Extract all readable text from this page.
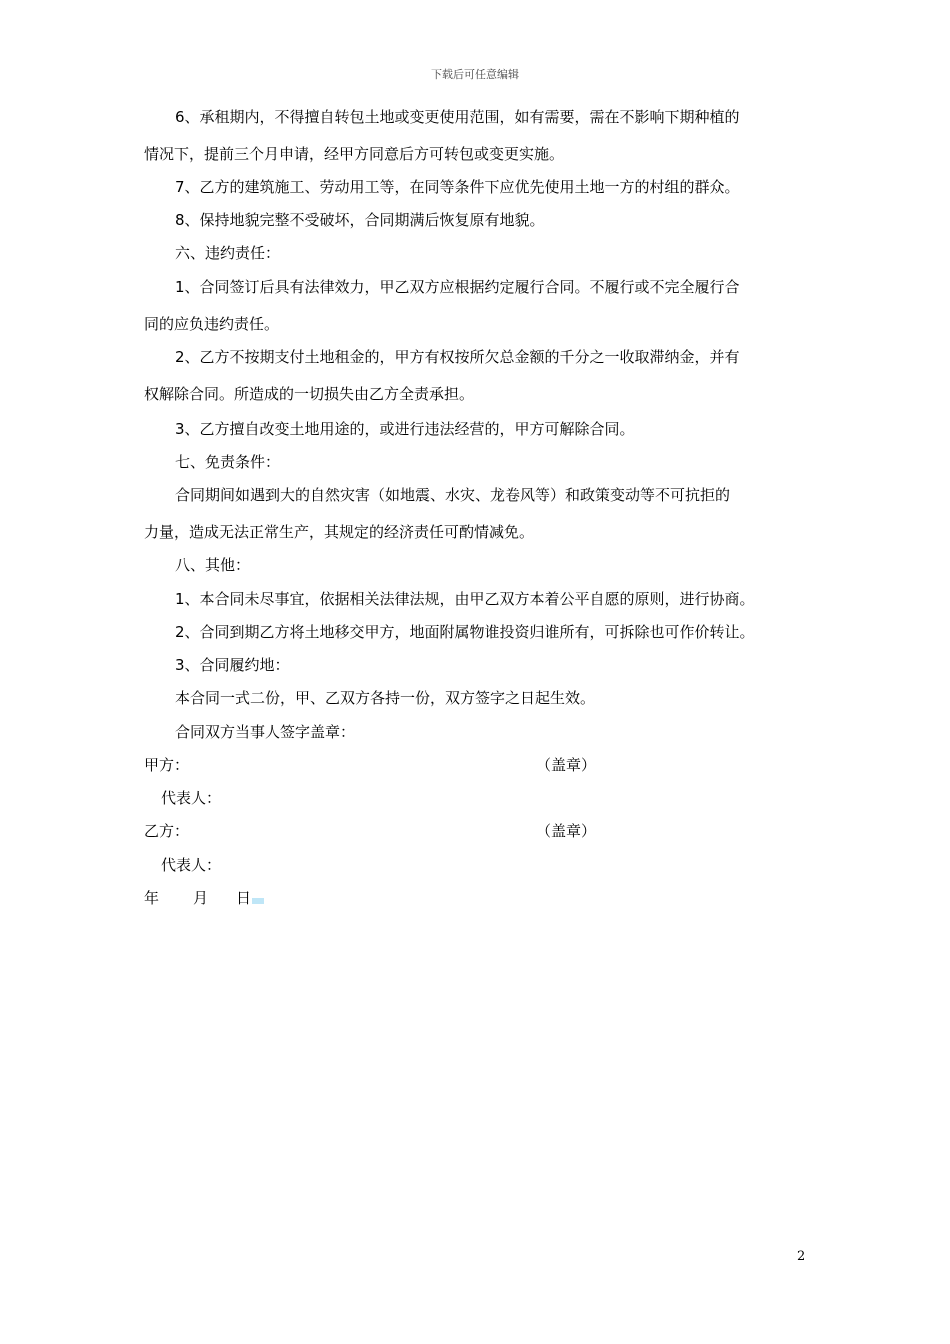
下载后可任意编辑
6、承租期内，不得擅自转包土地或变更使用范围，如有需要，需在不影响下期种植的
情况下，提前三个月申请，经甲方同意后方可转包或变更实施。
7、乙方的建筑施工、劳动用工等，在同等条件下应优先使用土地一方的村组的群众。
8、保持地貌完整不受破坏，合同期满后恢复原有地貌。
六、违约责任：
1、合同签订后具有法律效力，甲乙双方应根据约定履行合同。不履行或不完全履行合
同的应负违约责任。
2、乙方不按期支付土地租金的，甲方有权按所欠总金额的千分之一收取滞纳金，并有
权解除合同。所造成的一切损失由乙方全责承担。
3、乙方擅自改变土地用途的，或进行违法经营的，甲方可解除合同。
七、免责条件：
合同期间如遇到大的自然灾害（如地震、水灾、龙卷风等）和政策变动等不可抗拒的
力量，造成无法正常生产，其规定的经济责任可酌情减免。
八、其他：
1、本合同未尽事宜，依据相关法律法规，由甲乙双方本着公平自愿的原则，进行协商。
2、合同到期乙方将土地移交甲方，地面附属物谁投资归谁所有，可拆除也可作价转让。
3、合同履约地：
本合同一式二份，甲、乙双方各持一份，双方签字之日起生效。
合同双方当事人签字盖章：
甲方：	（盖章）
代表人：
乙方：	（盖章）
代表人：
年 月 日
2
